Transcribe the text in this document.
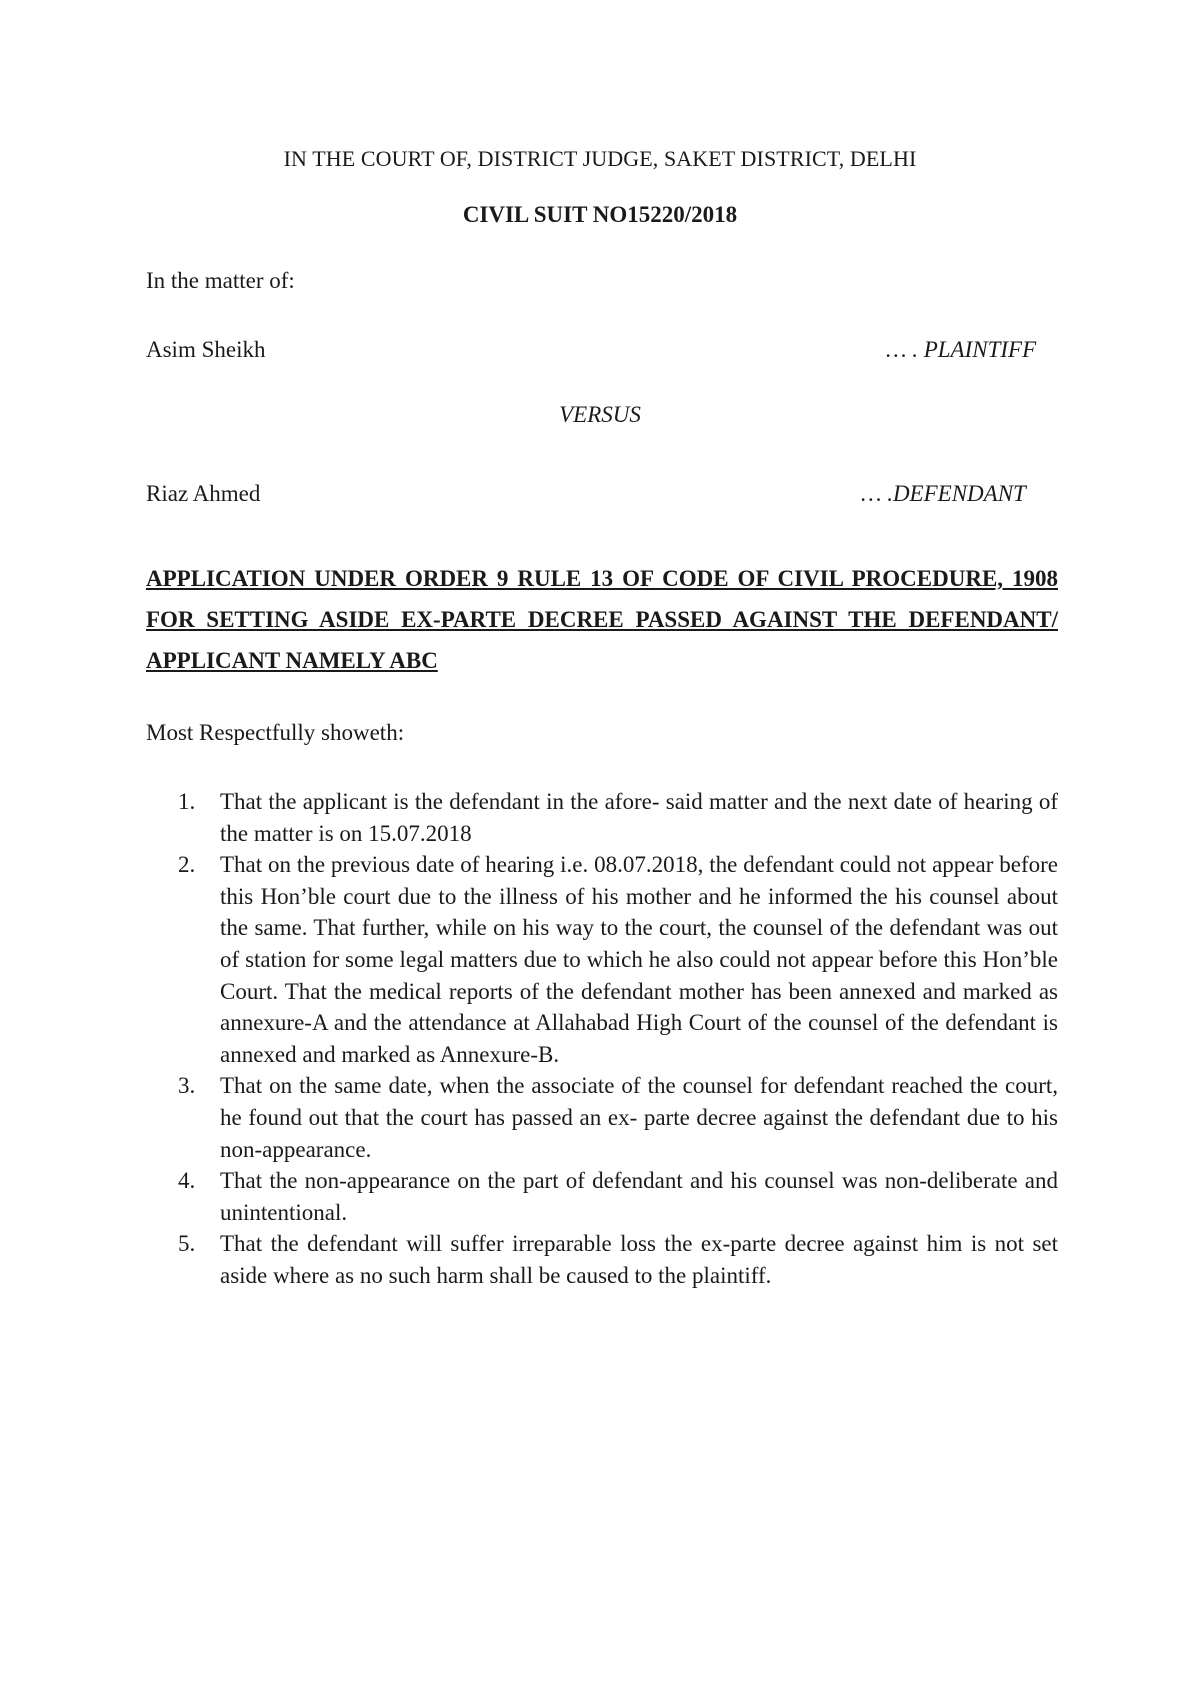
IN THE COURT OF, DISTRICT JUDGE, SAKET DISTRICT, DELHI
CIVIL SUIT NO15220/2018
In the matter of:
Asim Sheikh	… . PLAINTIFF
VERSUS
Riaz Ahmed	… .DEFENDANT
APPLICATION UNDER ORDER 9 RULE 13 OF CODE OF CIVIL PROCEDURE, 1908 FOR SETTING ASIDE EX-PARTE DECREE PASSED AGAINST THE DEFENDANT/ APPLICANT NAMELY ABC
Most Respectfully showeth:
1. That the applicant is the defendant in the afore- said matter and the next date of hearing of the matter is on 15.07.2018
2. That on the previous date of hearing i.e. 08.07.2018, the defendant could not appear before this Hon’ble court due to the illness of his mother and he informed the his counsel about the same. That further, while on his way to the court, the counsel of the defendant was out of station for some legal matters due to which he also could not appear before this Hon’ble Court. That the medical reports of the defendant mother has been annexed and marked as annexure-A and the attendance at Allahabad High Court of the counsel of the defendant is annexed and marked as Annexure-B.
3. That on the same date, when the associate of the counsel for defendant reached the court, he found out that the court has passed an ex- parte decree against the defendant due to his non-appearance.
4. That the non-appearance on the part of defendant and his counsel was non-deliberate and unintentional.
5. That the defendant will suffer irreparable loss the ex-parte decree against him is not set aside where as no such harm shall be caused to the plaintiff.
